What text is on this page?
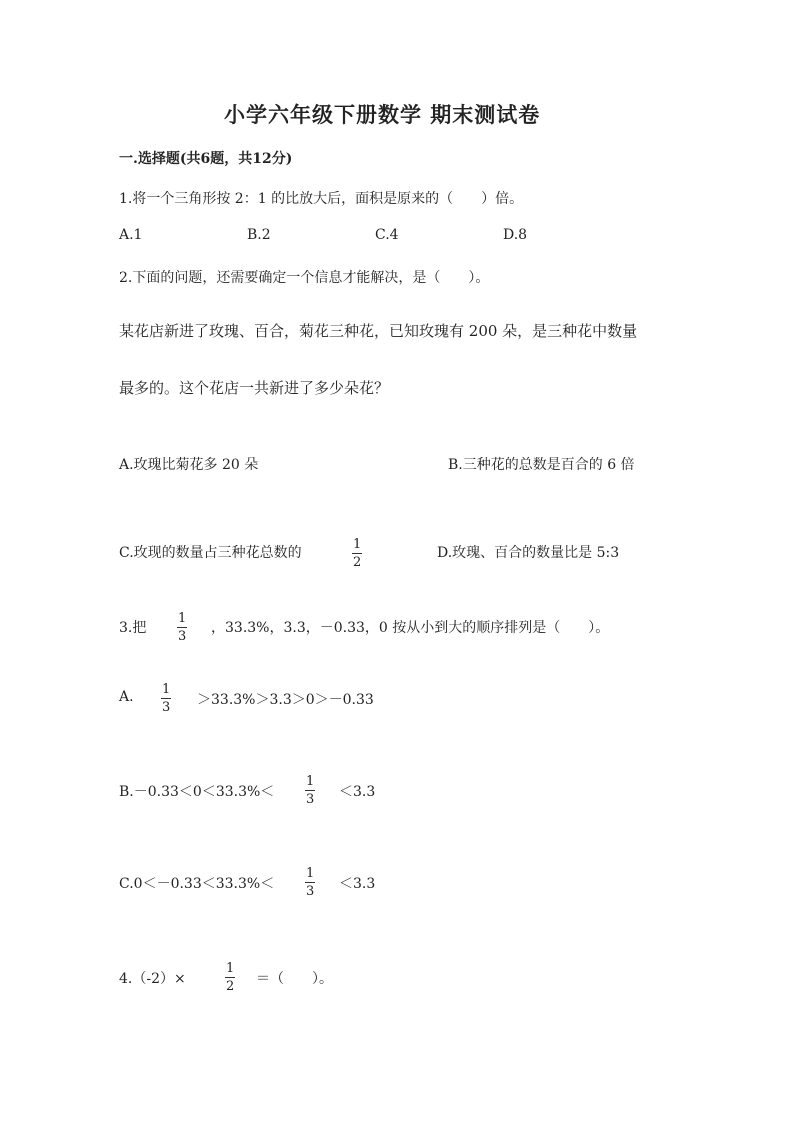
小学六年级下册数学 期末测试卷
一.选择题(共6题，共12分)
1.将一个三角形按 2：1 的比放大后，面积是原来的（　　）倍。
A.1	B.2	C.4	D.8
2.下面的问题，还需要确定一个信息才能解决，是（　　）。
某花店新进了玫瑰、百合，菊花三种花，已知玫瑰有 200 朵，是三种花中数量
最多的。这个花店一共新进了多少朵花？
A.玫瑰比菊花多 20 朵	B.三种花的总数是百合的 6 倍
C.玫现的数量占三种花总数的
1
2
D.玫瑰、百合的数量比是 5:3
3.把
1
3
，33.3%，3.3，－0.33，0 按从小到大的顺序排列是（　　）。
A. 1
3 ＞33.3%＞3.3＞0＞－0.33
B.－0.33＜0＜33.3%＜
1
3 ＜3.3
C.0＜－0.33＜33.3%＜
1
3 ＜3.3
4.（-2）×
1
2 ＝（　　）。
